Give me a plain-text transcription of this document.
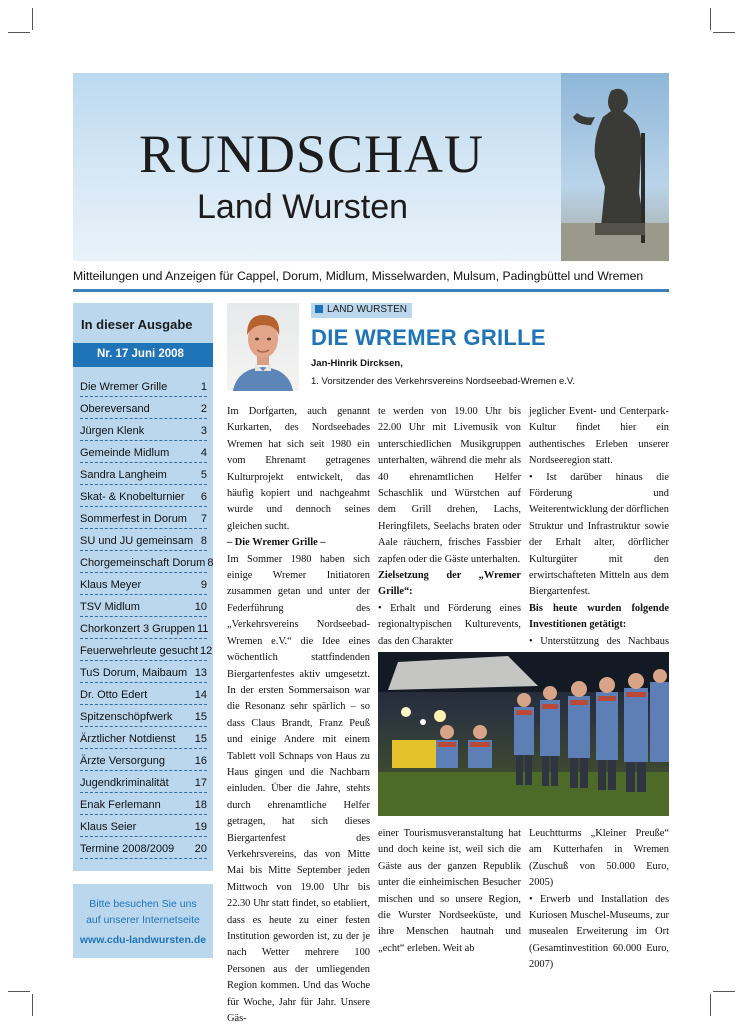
RUNDSCHAU
Land Wursten
Mitteilungen und Anzeigen für Cappel, Dorum, Midlum, Misselwarden, Mulsum, Padingbüttel und Wremen
In dieser Ausgabe
Nr. 17 Juni 2008
Die Wremer Grille	1
Obereversand	2
Jürgen Klenk	3
Gemeinde Midlum	4
Sandra Langheim	5
Skat- & Knobelturnier 6
Sommerfest in Dorum 7
SU und JU gemeinsam 8
Chorgemeinschaft Dorum 8
Klaus Meyer	9
TSV Midlum	10
Chorkonzert 3 Gruppen 11
Feuerwehrleute gesucht 12
TuS Dorum, Maibaum 13
Dr. Otto Edert	14
Spitzenschöpfwerk 15
Ärztlicher Notdienst 15
Ärzte Versorgung	16
Jugendkriminalität 17
Enak Ferlemann	18
Klaus Seier	19
Termine 2008/2009 20
Bitte besuchen Sie uns
auf unserer Internetseite
www.cdu-landwursten.de
LAND WURSTEN
DIE WREMER GRILLE
Jan-Hinrik Dircksen,
1. Vorsitzender des Verkehrsvereins Nordseebad-Wremen e.V.

Im Dorfgarten, auch genannt Kurkarten, des Nordseebades Wremen hat sich seit 1980 ein vom Ehrenamt getragenes Kulturprojekt entwickelt, das häufig kopiert und nachgeahmt wurde und dennoch seines gleichen sucht.

– Die Wremer Grille –

Im Sommer 1980 haben sich einige Wremer Initiatoren zusammen getan und unter der Federführung des „Verkehrsvereins Nordseebad-Wremen e.V.“ die Idee eines wöchentlich stattfindenden Biergartenfestes aktiv umgesetzt. In der ersten Sommersaison war die Resonanz sehr spärlich – so dass Claus Brandt, Franz Peuß und einige Andere mit einem Tablett voll Schnaps von Haus zu Haus gingen und die Nachbarn einluden. Über die Jahre, stehts durch ehrenamtliche Helfer getragen, hat sich dieses Biergartenfest des Verkehrsvereins, das von Mitte Mai bis Mitte September jeden Mittwoch von 19.00 Uhr bis 22.30 Uhr statt findet, so etabliert, dass es heute zu einer festen Institution geworden ist, zu der je nach Wetter mehrere 100 Personen aus der umliegenden Region kommen. Und das Woche für Woche, Jahr für Jahr. Unsere Gäs-

te werden von 19.00 Uhr bis 22.00 Uhr mit Livemusik von unterschiedlichen Musikgruppen unterhalten, während die mehr als 40 ehrenamtlichen Helfer Schaschlik und Würstchen auf dem Grill drehen, Lachs, Heringfilets, Seelachs braten oder Aale räuchern, frisches Fassbier zapfen oder die Gäste unterhalten.

Zielsetzung der „Wremer Grille“:

• Erhalt und Förderung eines regionaltypischen Kulturevents, das den Charakter

jeglicher Event- und Centerpark-Kultur findet hier ein authentisches Erleben unserer Nordseeregion statt.

• Ist darüber hinaus die Förderung und Weiterentwicklung der dörflichen Struktur und Infrastruktur sowie der Erhalt alter, dörflicher Kulturgüter mit den erwirtschafteten Mitteln aus dem Biergartenfest.

Bis heute wurden folgende Investitionen getätigt:

• Unterstützung des Nachbaus

einer Tourismusveranstaltung hat und doch keine ist, weil sich die Gäste aus der ganzen Republik unter die einheimischen Besucher mischen und so unsere Region, die Wurster Nordseeküste, und ihre Menschen hautnah und „echt“ erleben. Weit ab

Leuchtturms „Kleiner Preuße“ am Kutterhafen in Wremen (Zuschuß von 50.000 Euro, 2005)

• Erwerb und Installation des Kuriosen Muschel-Museums, zur musealen Erweiterung im Ort (Gesamtinvestition 60.000 Euro, 2007)
